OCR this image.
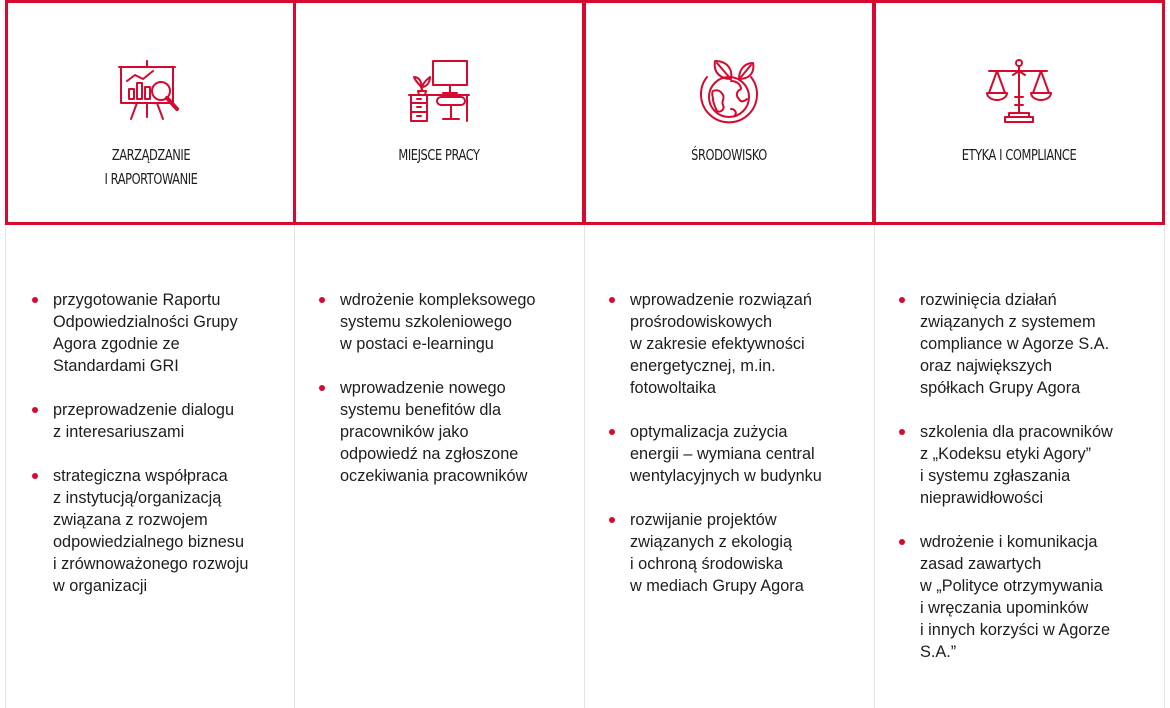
ZARZĄDZANIE
I RAPORTOWANIE
przygotowanie Raportu
Odpowiedzialności Grupy
Agora zgodnie ze
Standardami GRI
przeprowadzenie dialogu
z interesariuszami
strategiczna współpraca
z instytucją/organizacją
związana z rozwojem
odpowiedzialnego biznesu
i zrównoważonego rozwoju
w organizacji
MIEJSCE PRACY
wdrożenie kompleksowego
systemu szkoleniowego
w postaci e-learningu
wprowadzenie nowego
systemu benefitów dla
pracowników jako
odpowiedź na zgłoszone
oczekiwania pracowników
ŚRODOWISKO
wprowadzenie rozwiązań
prośrodowiskowych
w zakresie efektywności
energetycznej, m.in.
fotowoltaika
optymalizacja zużycia
energii – wymiana central
wentylacyjnych w budynku
rozwijanie projektów
związanych z ekologią
i ochroną środowiska
w mediach Grupy Agora
ETYKA I COMPLIANCE
rozwinięcia działań
związanych z systemem
compliance w Agorze S.A.
oraz największych
spółkach Grupy Agora
szkolenia dla pracowników
z „Kodeksu etyki Agory”
i systemu zgłaszania
nieprawidłowości
wdrożenie i komunikacja
zasad zawartych
w „Polityce otrzymywania
i wręczania upominków
i innych korzyści w Agorze
S.A.”
